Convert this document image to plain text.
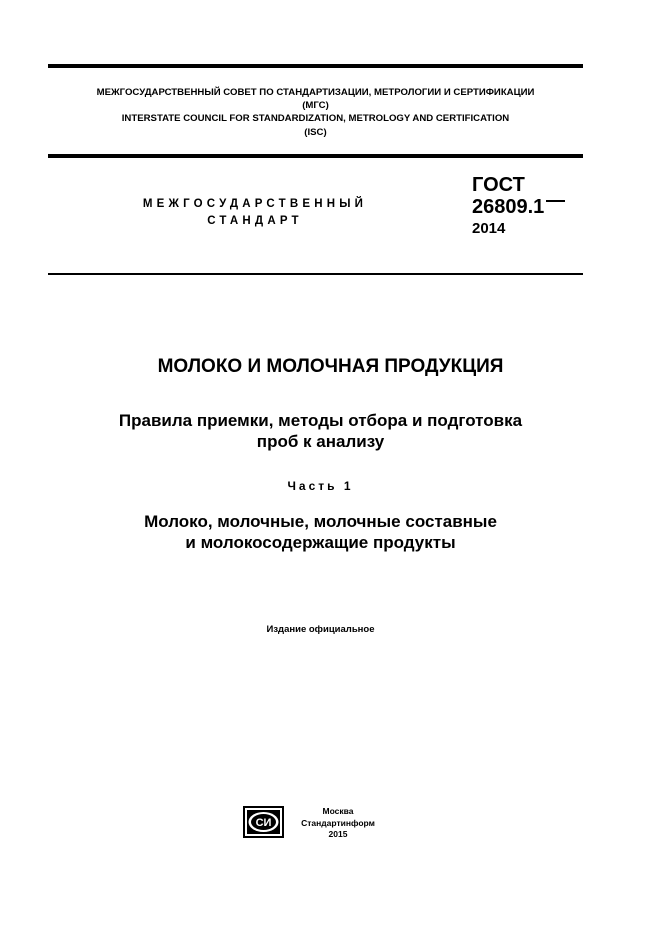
МЕЖГОСУДАРСТВЕННЫЙ СОВЕТ ПО СТАНДАРТИЗАЦИИ, МЕТРОЛОГИИ И СЕРТИФИКАЦИИ
(МГС)
INTERSTATE COUNCIL FOR STANDARDIZATION, METROLOGY AND CERTIFICATION
(ISC)
МЕЖГОСУДАРСТВЕННЫЙ
СТАНДАРТ
ГОСТ
26809.1
2014
МОЛОКО И МОЛОЧНАЯ ПРОДУКЦИЯ
Правила приемки, методы отбора и подготовка
проб к анализу
Часть 1
Молоко, молочные, молочные составные
и молокосодержащие продукты
Издание официальное
СИ
Москва
Стандартинформ
2015
